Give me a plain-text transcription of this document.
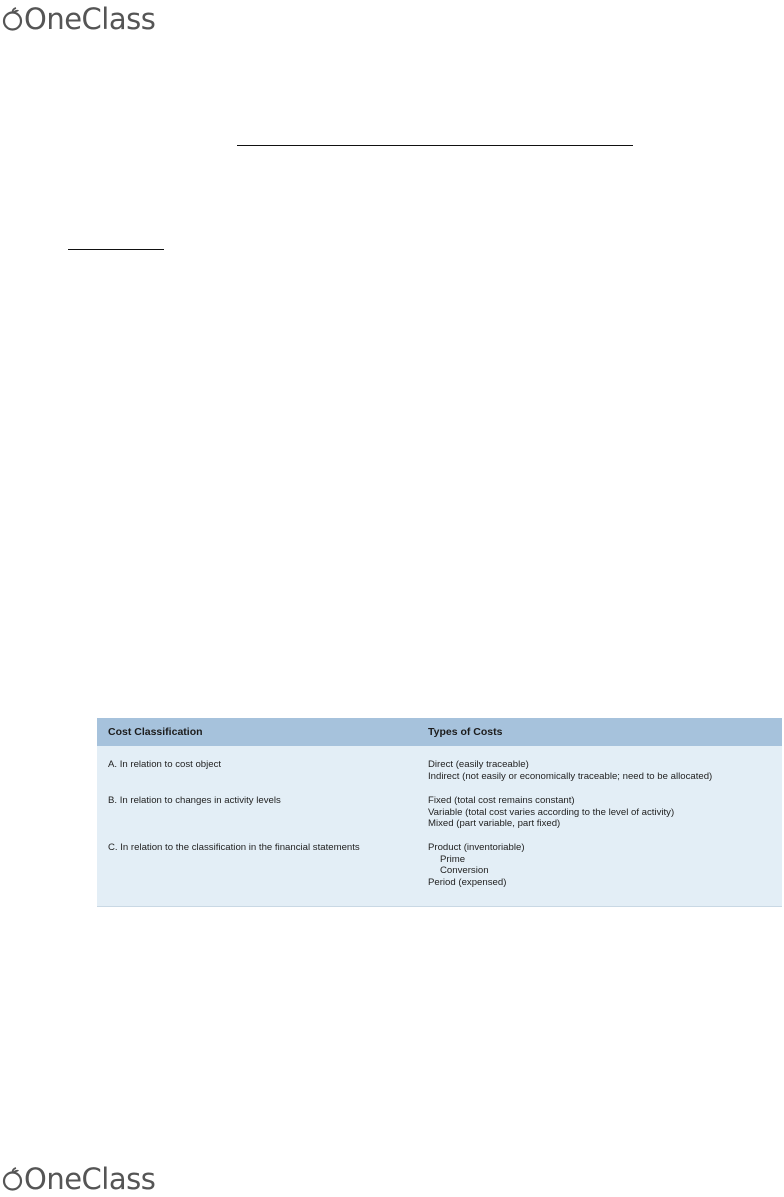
OneClass
Cost Classification	Types of Costs
A. In relation to cost object	Direct (easily traceable)
Indirect (not easily or economically traceable; need to be allocated)
B. In relation to changes in activity levels	Fixed (total cost remains constant)
Variable (total cost varies according to the level of activity)
Mixed (part variable, part fixed)
C. In relation to the classification in the financial statements	Product (inventoriable)
Prime
Conversion
Period (expensed)
OneClass
